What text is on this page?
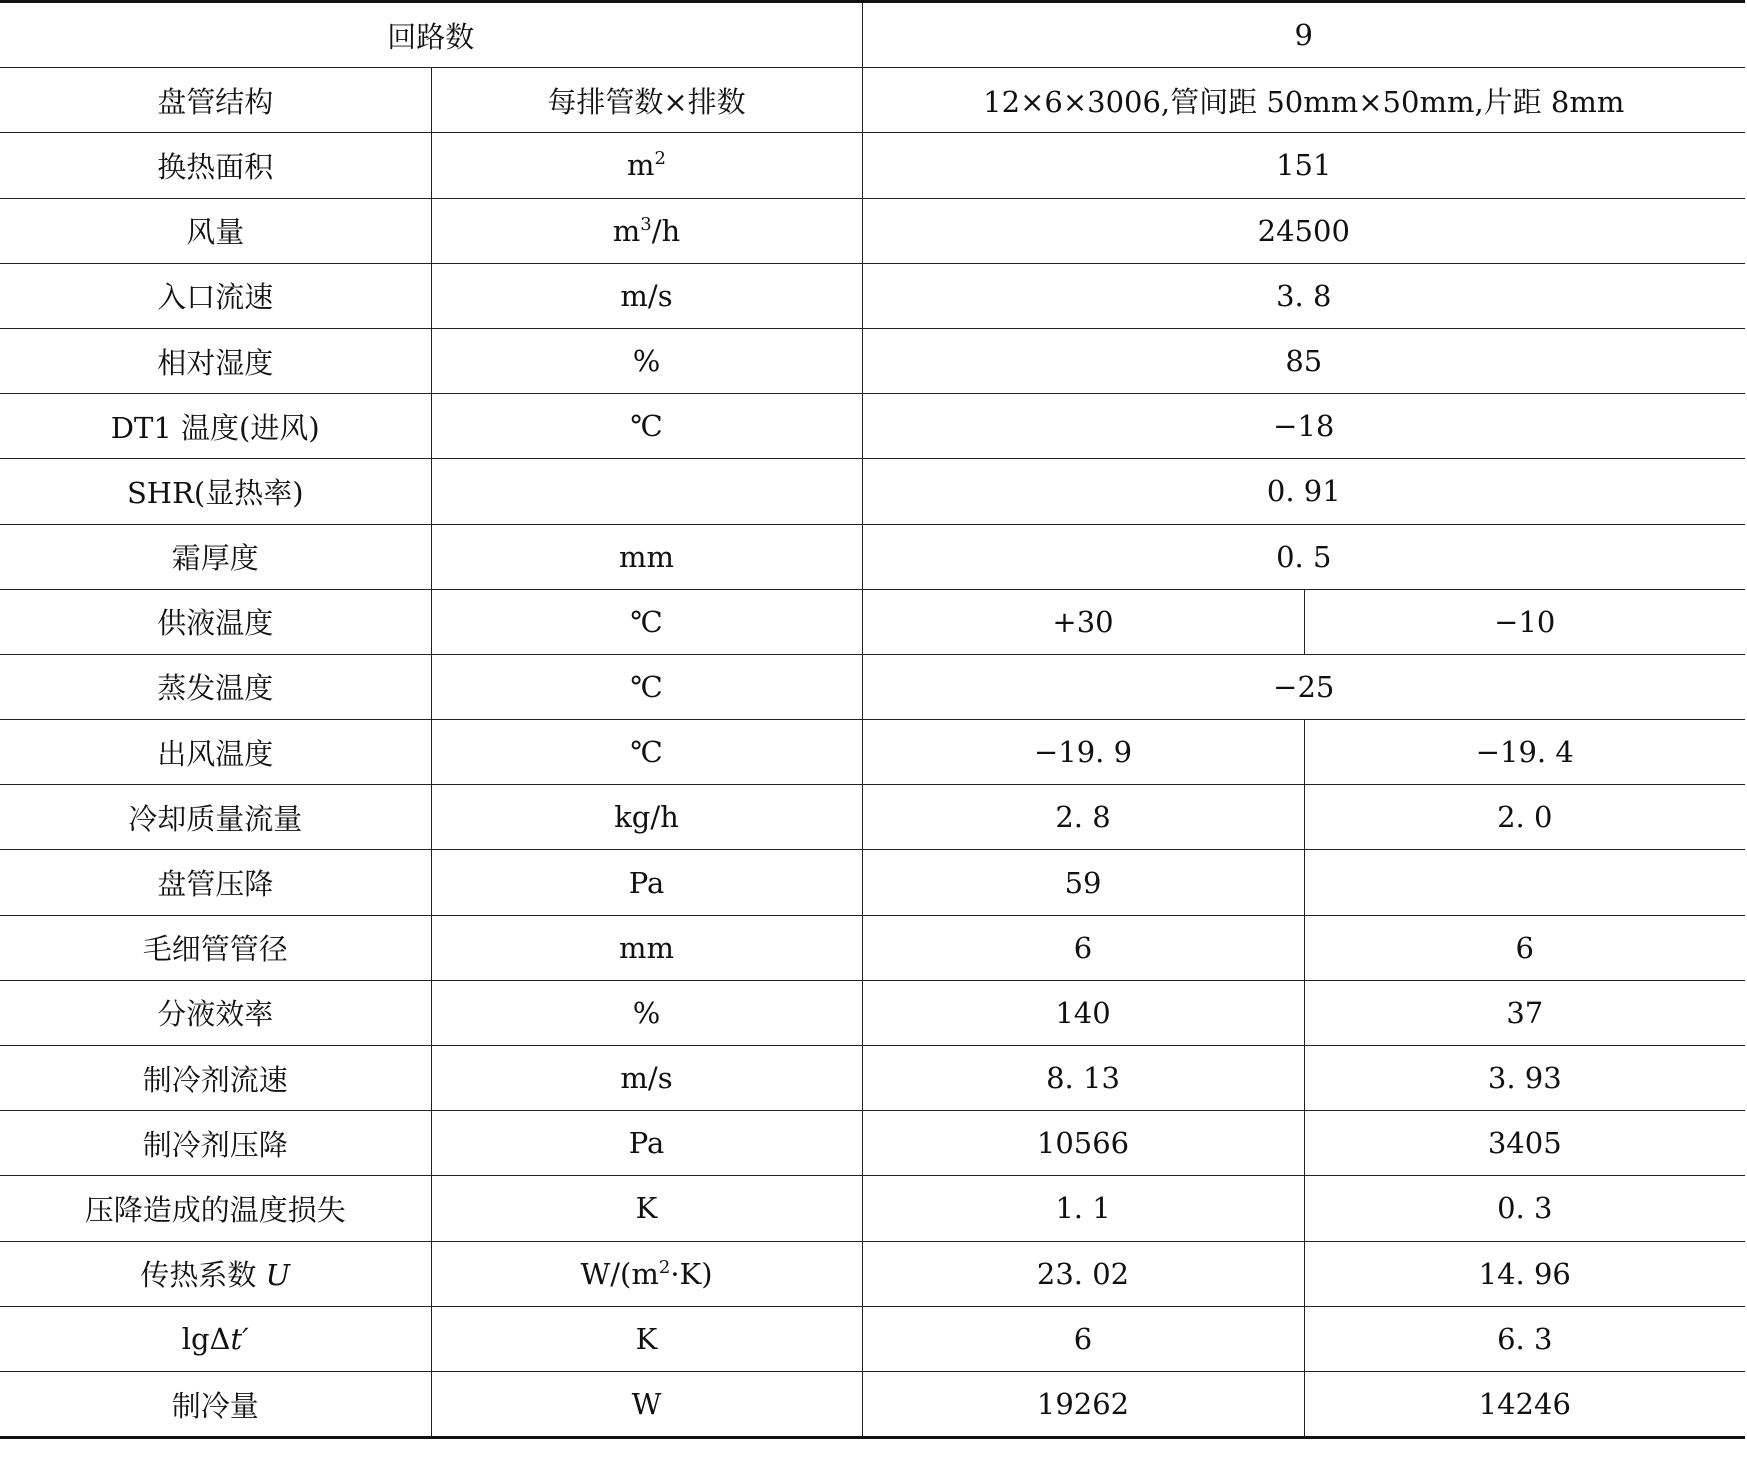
回路数		9	
盘管结构	每排管数×排数	12×6×3006,管间距 50mm×50mm,片距 8mm	
换热面积	$m^2$	151	
风量	$m^3/h$	24500	
入口流速	m/s	3. 8	
相对湿度	%	85	
DT1 温度(进风)	℃	−18	
SHR(显热率)		0. 91	
霜厚度	mm	0. 5	
供液温度	℃	+30	−10
蒸发温度	℃	−25	
出风温度	℃	−19. 9	−19. 4
冷却质量流量	kg/h	2. 8	2. 0
盘管压降	Pa	59	
毛细管管径	mm	6	6
分液效率	%	140	37
制冷剂流速	m/s	8. 13	3. 93
制冷剂压降	Pa	10566	3405
压降造成的温度损失	K	1. 1	0. 3
传热系数 U	$W/(m^2\cdot K)$	23. 02	14. 96
lgΔt′	K	6	6. 3
制冷量	W	19262	14246
